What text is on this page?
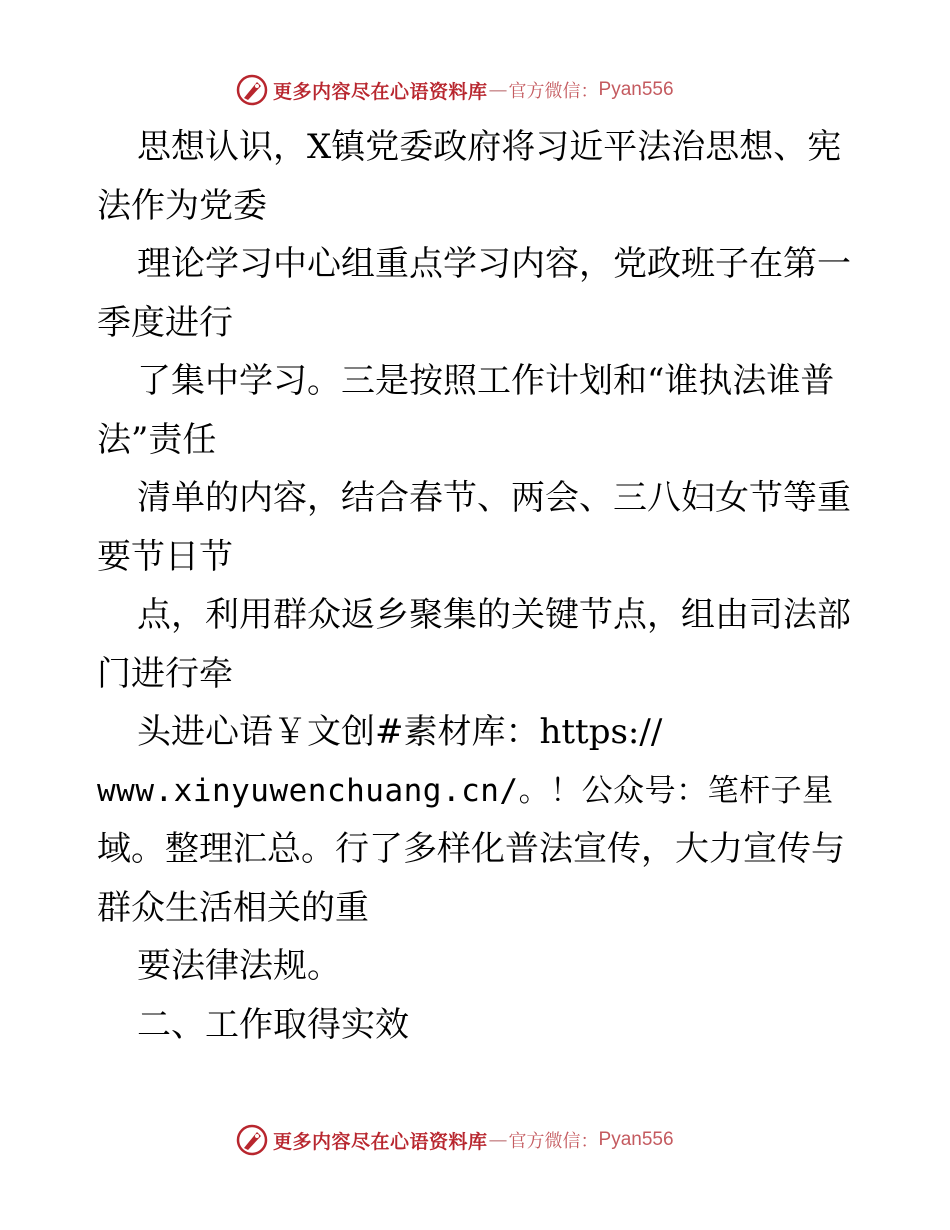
更多内容尽在心语资料库 — 官方微信： Pyan556

思想认识，X镇党委政府将习近平法治思想、宪

法作为党委

理论学习中心组重点学习内容，党政班子在第一

季度进行

了集中学习。三是按照工作计划和“谁执法谁普

法”责任

清单的内容，结合春节、两会、三八妇女节等重

要节日节

点，利用群众返乡聚集的关键节点，组由司法部

门进行牵

头进心语￥文创#素材库：https://

www.xinyuwenchuang.cn/。！公众号：笔杆子星

域。整理汇总。行了多样化普法宣传，大力宣传与

群众生活相关的重

要法律法规。

二、工作取得实效

更多内容尽在心语资料库 — 官方微信： Pyan556
